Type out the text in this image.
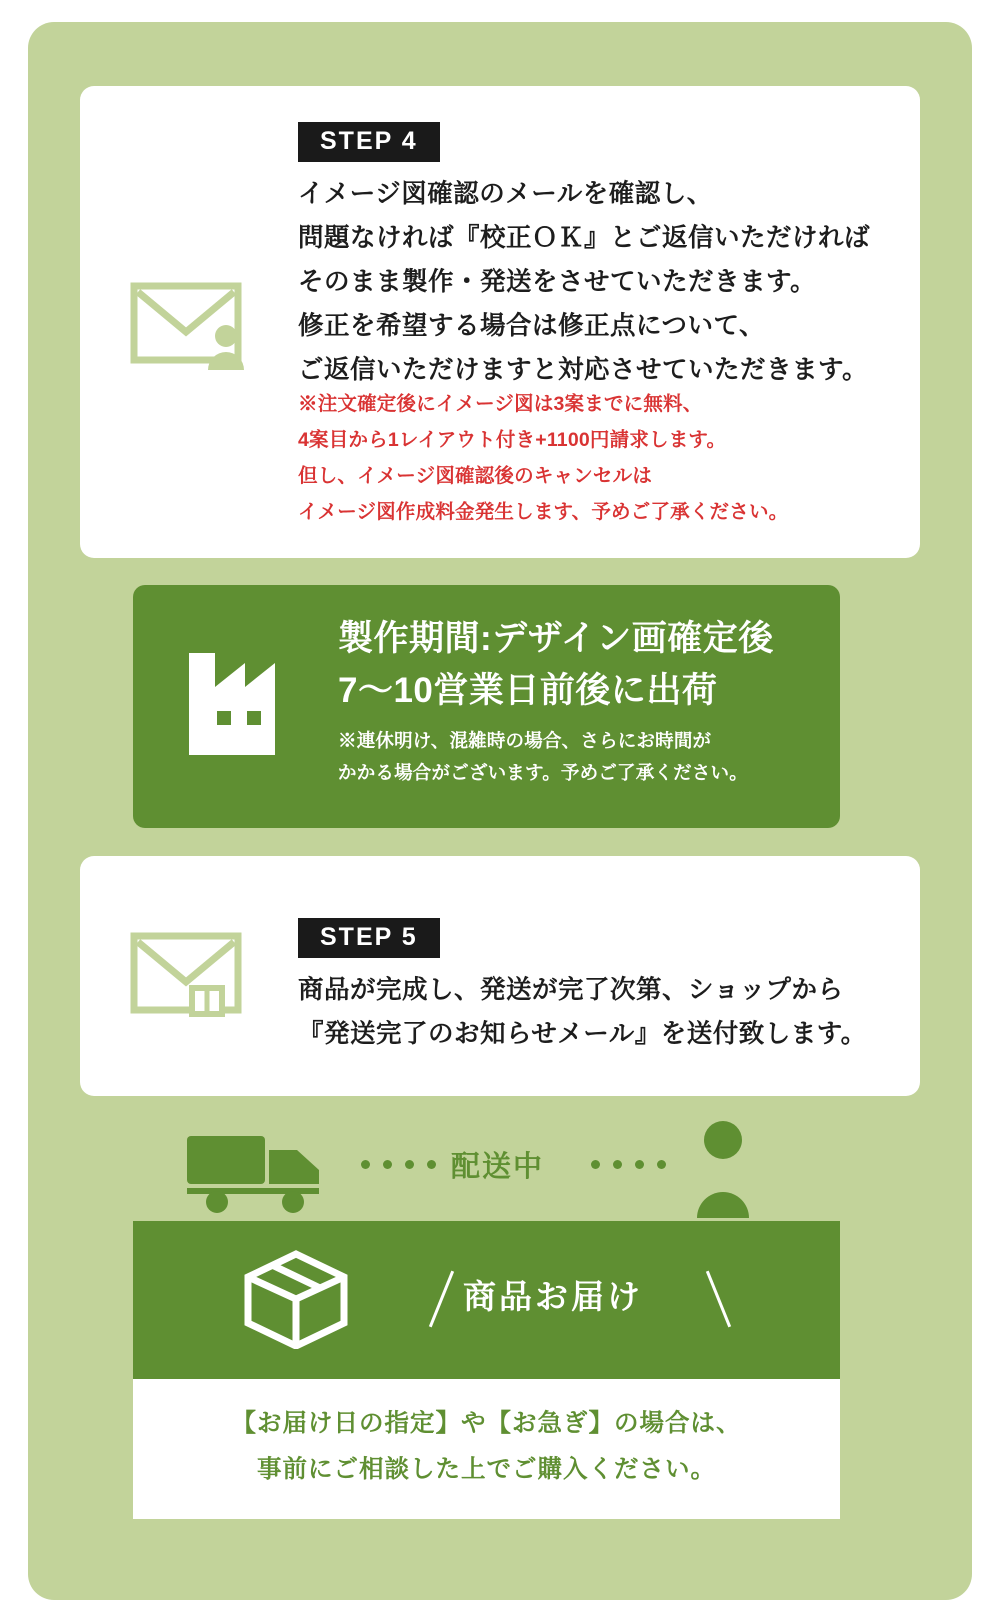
STEP 4
イメージ図確認のメールを確認し、
問題なければ『校正ＯＫ』とご返信いただければ
そのまま製作・発送をさせていただきます。
修正を希望する場合は修正点について、
ご返信いただけますと対応させていただきます。
※注文確定後にイメージ図は3案までに無料、
4案目から1レイアウト付き+1100円請求します。
但し、イメージ図確認後のキャンセルは
イメージ図作成料金発生します、予めご了承ください。
製作期間:デザイン画確定後
7〜10営業日前後に出荷
※連休明け、混雑時の場合、さらにお時間が
かかる場合がございます。予めご了承ください。
STEP 5
商品が完成し、発送が完了次第、ショップから
『発送完了のお知らせメール』を送付致します。
配送中
商品お届け
【お届け日の指定】や【お急ぎ】の場合は、
事前にご相談した上でご購入ください。
